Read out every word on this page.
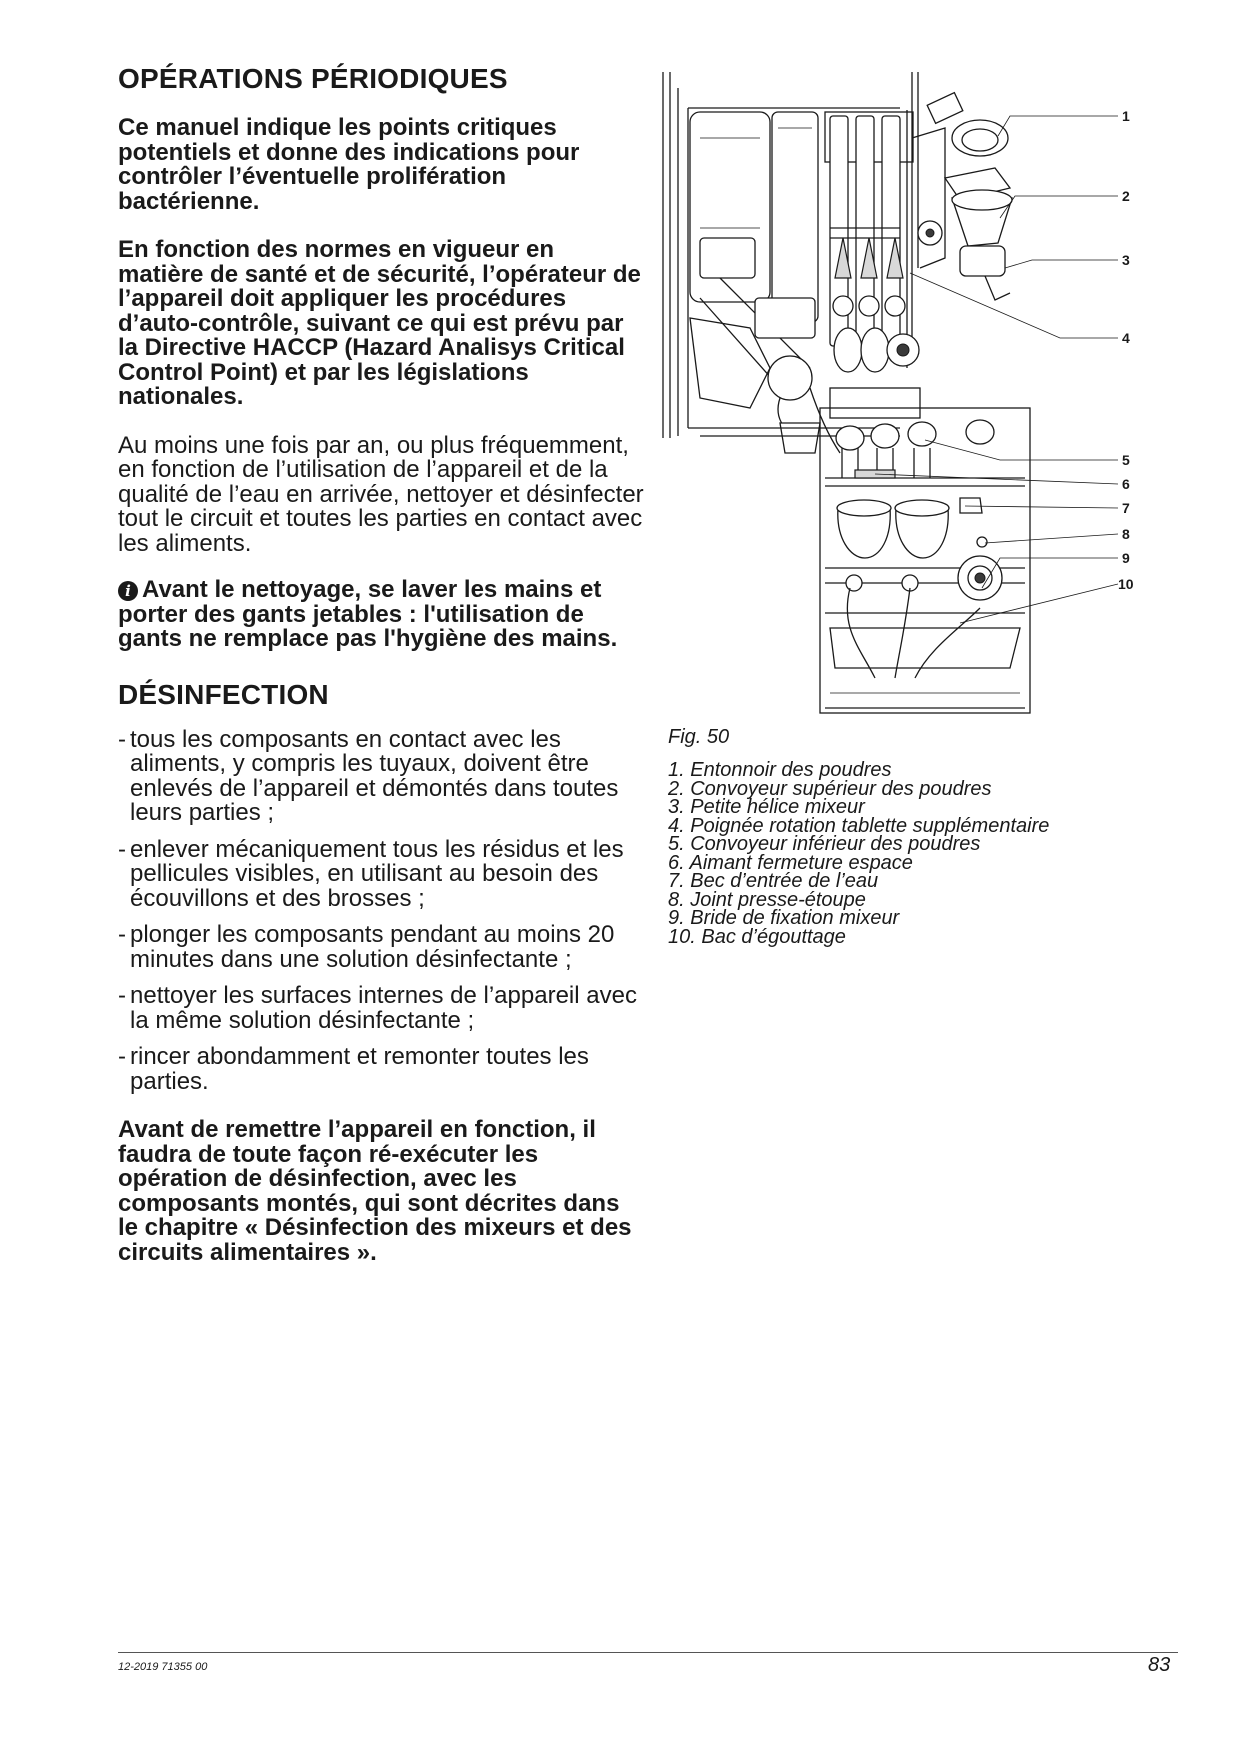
OPÉRATIONS PÉRIODIQUES

Ce manuel indique les points critiques potentiels et donne des indications pour contrôler l’éventuelle prolifération bactérienne.

En fonction des normes en vigueur en matière de santé et de sécurité, l’opérateur de l’appareil doit appliquer les procédures d’auto-contrôle, suivant ce qui est prévu par la Directive HACCP (Hazard Analisys Critical Control Point) et par les législations nationales.

Au moins une fois par an, ou plus fréquemment, en fonction de l’utilisation de l’appareil et de la qualité de l’eau en arrivée, nettoyer et désinfecter tout le circuit et toutes les parties en contact avec les aliments.

i Avant le nettoyage, se laver les mains et porter des gants jetables : l'utilisation de gants ne remplace pas l'hygiène des mains.

DÉSINFECTION
- tous les composants en contact avec les aliments, y compris les tuyaux, doivent être enlevés de l’appareil et démontés dans toutes leurs parties ;
- enlever mécaniquement tous les résidus et les pellicules visibles, en utilisant au besoin des écouvillons et des brosses ;
- plonger les composants pendant au moins 20 minutes dans une solution désinfectante ;
- nettoyer les surfaces internes de l’appareil avec la même solution désinfectante ;
- rincer abondamment et remonter toutes les parties.

Avant de remettre l’appareil en fonction, il faudra de toute façon ré-exécuter les opération de désinfection, avec les composants montés, qui sont décrites dans le chapitre « Désinfection des mixeurs et des circuits alimentaires ».

1
2
3
4
5
6
7
8
9
10
Fig. 50
1. Entonnoir des poudres
2. Convoyeur supérieur des poudres
3. Petite hélice mixeur
4. Poignée rotation tablette supplémentaire
5. Convoyeur inférieur des poudres
6. Aimant fermeture espace
7. Bec d’entrée de l’eau
8. Joint presse-étoupe
9. Bride de fixation mixeur
10. Bac d’égouttage
12-2019 71355 00	83
